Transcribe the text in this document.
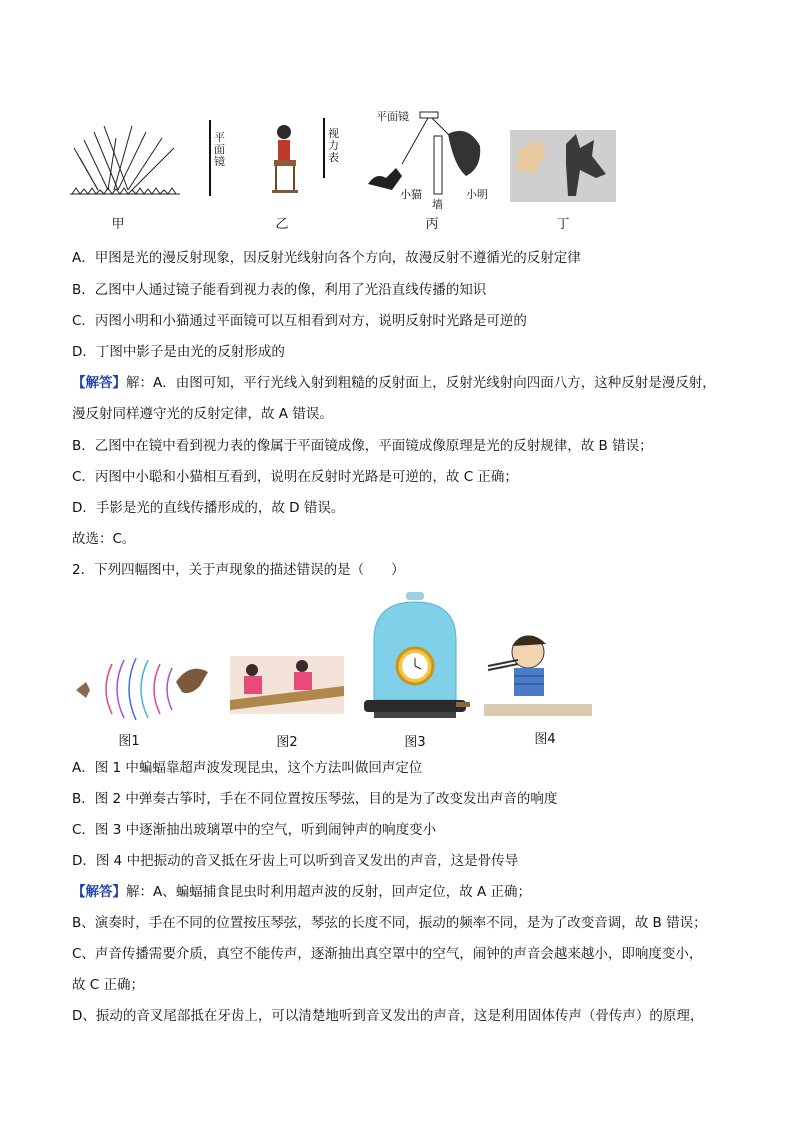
甲
平面镜
视力表
乙
平面镜
小猫
墙
小明
丙	丁
A．甲图是光的漫反射现象，因反射光线射向各个方向，故漫反射不遵循光的反射定律
B．乙图中人通过镜子能看到视力表的像，利用了光沿直线传播的知识
C．丙图小明和小猫通过平面镜可以互相看到对方，说明反射时光路是可逆的
D．丁图中影子是由光的反射形成的
【解答】解：A．由图可知，平行光线入射到粗糙的反射面上，反射光线射向四面八方，这种反射是漫反射，
漫反射同样遵守光的反射定律，故 A 错误。
B．乙图中在镜中看到视力表的像属于平面镜成像，平面镜成像原理是光的反射规律，故 B 错误；
C．丙图中小聪和小猫相互看到，说明在反射时光路是可逆的，故 C 正确；
D．手影是光的直线传播形成的，故 D 错误。
故选：C。
2．下列四幅图中，关于声现象的描述错误的是（　　）
图1	图2	图3	图4
A．图 1 中蝙蝠靠超声波发现昆虫，这个方法叫做回声定位
B．图 2 中弹奏古筝时，手在不同位置按压琴弦，目的是为了改变发出声音的响度
C．图 3 中逐渐抽出玻璃罩中的空气，听到闹钟声的响度变小
D．图 4 中把振动的音叉抵在牙齿上可以听到音叉发出的声音，这是骨传导
【解答】解：A、蝙蝠捕食昆虫时利用超声波的反射，回声定位，故 A 正确；
B、演奏时，手在不同的位置按压琴弦，琴弦的长度不同，振动的频率不同，是为了改变音调，故 B 错误；
C、声音传播需要介质，真空不能传声，逐渐抽出真空罩中的空气，闹钟的声音会越来越小，即响度变小，
故 C 正确；
D、振动的音叉尾部抵在牙齿上，可以清楚地听到音叉发出的声音，这是利用固体传声（骨传声）的原理，
